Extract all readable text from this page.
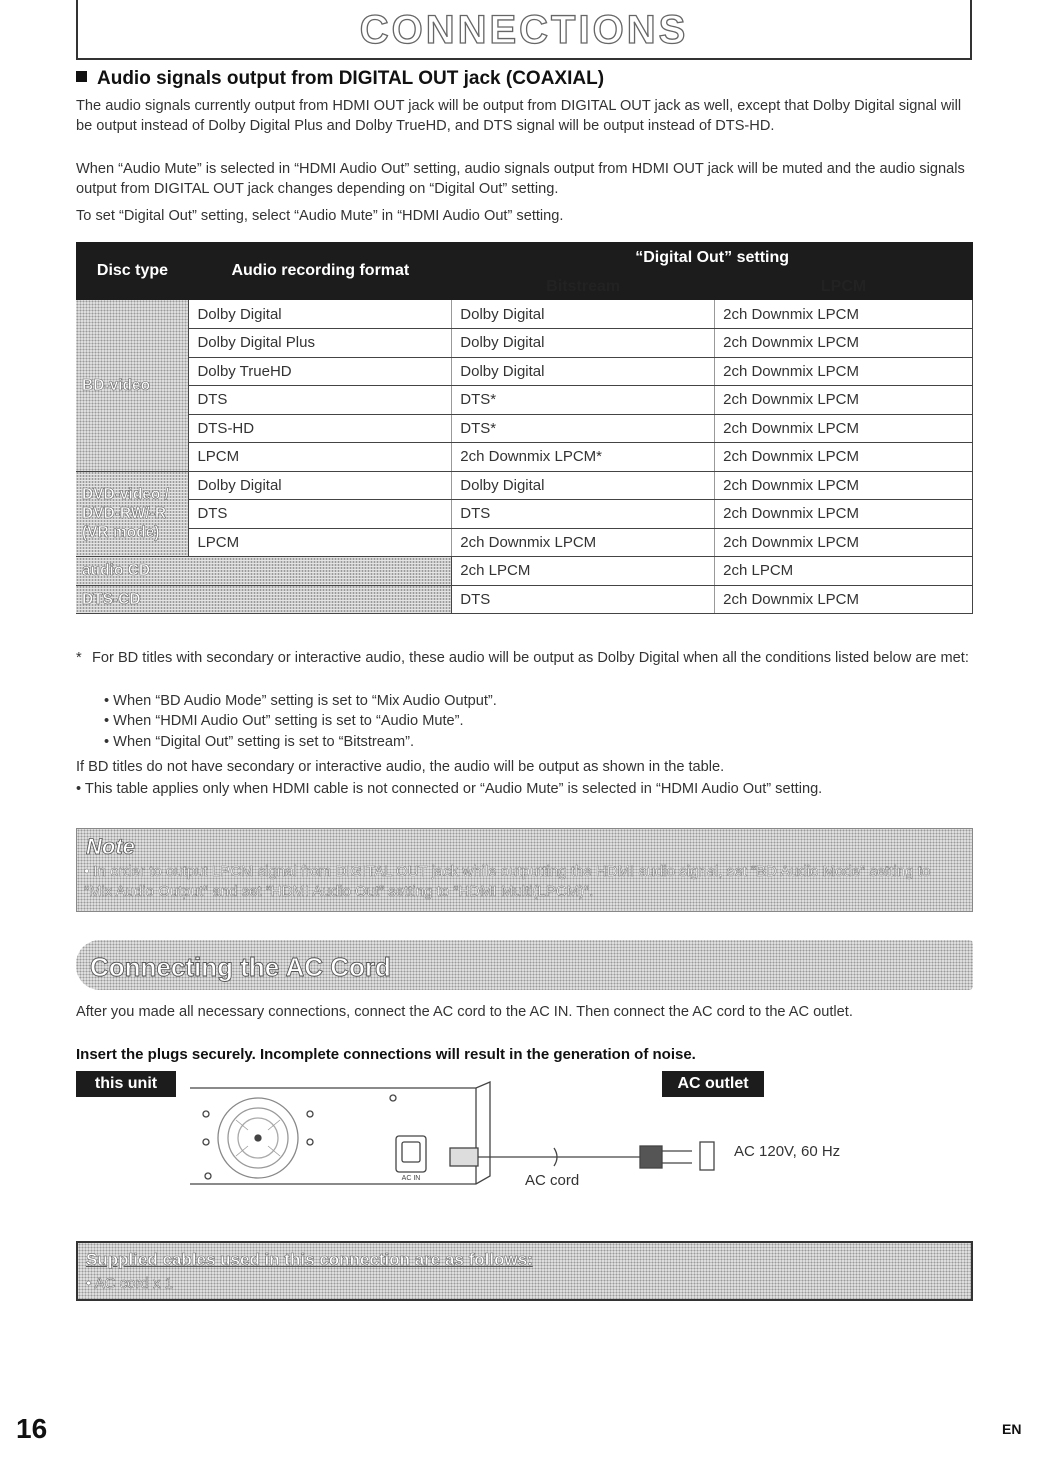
CONNECTIONS
Audio signals output from DIGITAL OUT jack (COAXIAL)
The audio signals currently output from HDMI OUT jack will be output from DIGITAL OUT jack as well, except that Dolby Digital signal will be output instead of Dolby Digital Plus and Dolby TrueHD, and DTS signal will be output instead of DTS-HD.
When “Audio Mute” is selected in “HDMI Audio Out” setting, audio signals output from HDMI OUT jack will be muted and the audio signals output from DIGITAL OUT jack changes depending on “Digital Out” setting.
To set “Digital Out” setting, select “Audio Mute” in “HDMI Audio Out” setting.
Disc type	Audio recording format	“Digital Out” setting	
		Bitstream	LPCM
BD-video	Dolby Digital	Dolby Digital	2ch Downmix LPCM
	Dolby Digital Plus	Dolby Digital	2ch Downmix LPCM
	Dolby TrueHD	Dolby Digital	2ch Downmix LPCM
	DTS	DTS*	2ch Downmix LPCM
	DTS-HD	DTS*	2ch Downmix LPCM
	LPCM	2ch Downmix LPCM*	2ch Downmix LPCM
DVD-video / DVD-RW/-R (VR mode)	Dolby Digital	Dolby Digital	2ch Downmix LPCM
	DTS	DTS	2ch Downmix LPCM
	LPCM	2ch Downmix LPCM	2ch Downmix LPCM
audio CD		2ch LPCM	2ch LPCM
DTS-CD		DTS	2ch Downmix LPCM
* For BD titles with secondary or interactive audio, these audio will be output as Dolby Digital when all the conditions listed below are met:
• When “BD Audio Mode” setting is set to “Mix Audio Output”.
• When “HDMI Audio Out” setting is set to “Audio Mute”.
• When “Digital Out” setting is set to “Bitstream”.
If BD titles do not have secondary or interactive audio, the audio will be output as shown in the table.
• This table applies only when HDMI cable is not connected or “Audio Mute” is selected in “HDMI Audio Out” setting.
Note
• In order to output LPCM signal from DIGITAL OUT jack while outputting the HDMI audio signal, set “BD Audio Mode” setting to “Mix Audio Output” and set “HDMI Audio Out” setting to “HDMI Multi(LPCM)”.
Connecting the AC Cord
After you made all necessary connections, connect the AC cord to the AC IN. Then connect the AC cord to the AC outlet.
Insert the plugs securely. Incomplete connections will result in the generation of noise.
this unit	AC outlet
AC IN
AC 120V, 60 Hz
AC cord
Supplied cables used in this connection are as follows:
• AC cord x 1
16	EN
